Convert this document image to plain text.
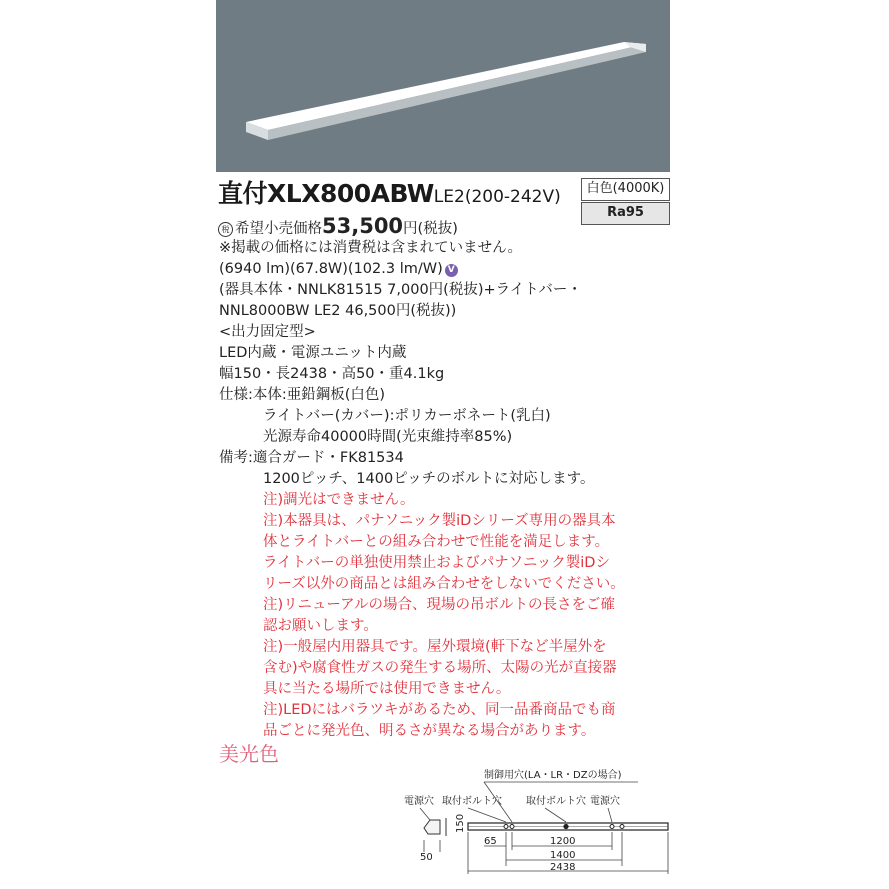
直付XLX800ABWLE2(200-242V)	白色(4000K)
Ra95
税 希望小売価格53,500円(税抜)
※掲載の価格には消費税は含まれていません。
(6940 lm)(67.8W)(102.3 lm/W) V
(器具本体・NNLK81515 7,000円(税抜)+ライトバー・
NNL8000BW LE2 46,500円(税抜))
<出力固定型>
LED内蔵・電源ユニット内蔵
幅150・長2438・高50・重4.1kg
仕様:本体:亜鉛鋼板(白色)
ライトバー(カバー):ポリカーボネート(乳白)
光源寿命40000時間(光束維持率85%)
備考:適合ガード・FK81534
1200ピッチ、1400ピッチのボルトに対応します。
注)調光はできません。
注)本器具は、パナソニック製iDシリーズ専用の器具本
体とライトバーとの組み合わせで性能を満足します。
ライトバーの単独使用禁止およびパナソニック製iDシ
リーズ以外の商品とは組み合わせをしないでください。
注)リニューアルの場合、現場の吊ボルトの長さをご確
認お願いします。
注)一般屋内用器具です。屋外環境(軒下など半屋外を
含む)や腐食性ガスの発生する場所、太陽の光が直接器
具に当たる場所では使用できません。
注)LEDにはバラツキがあるため、同一品番商品でも商
品ごとに発光色、明るさが異なる場合があります。
美光色
制御用穴(LA・LR・DZの場合)
電源穴 取付ボルト穴 取付ボルト穴 電源穴
150
50
65	1200
1400
2438
